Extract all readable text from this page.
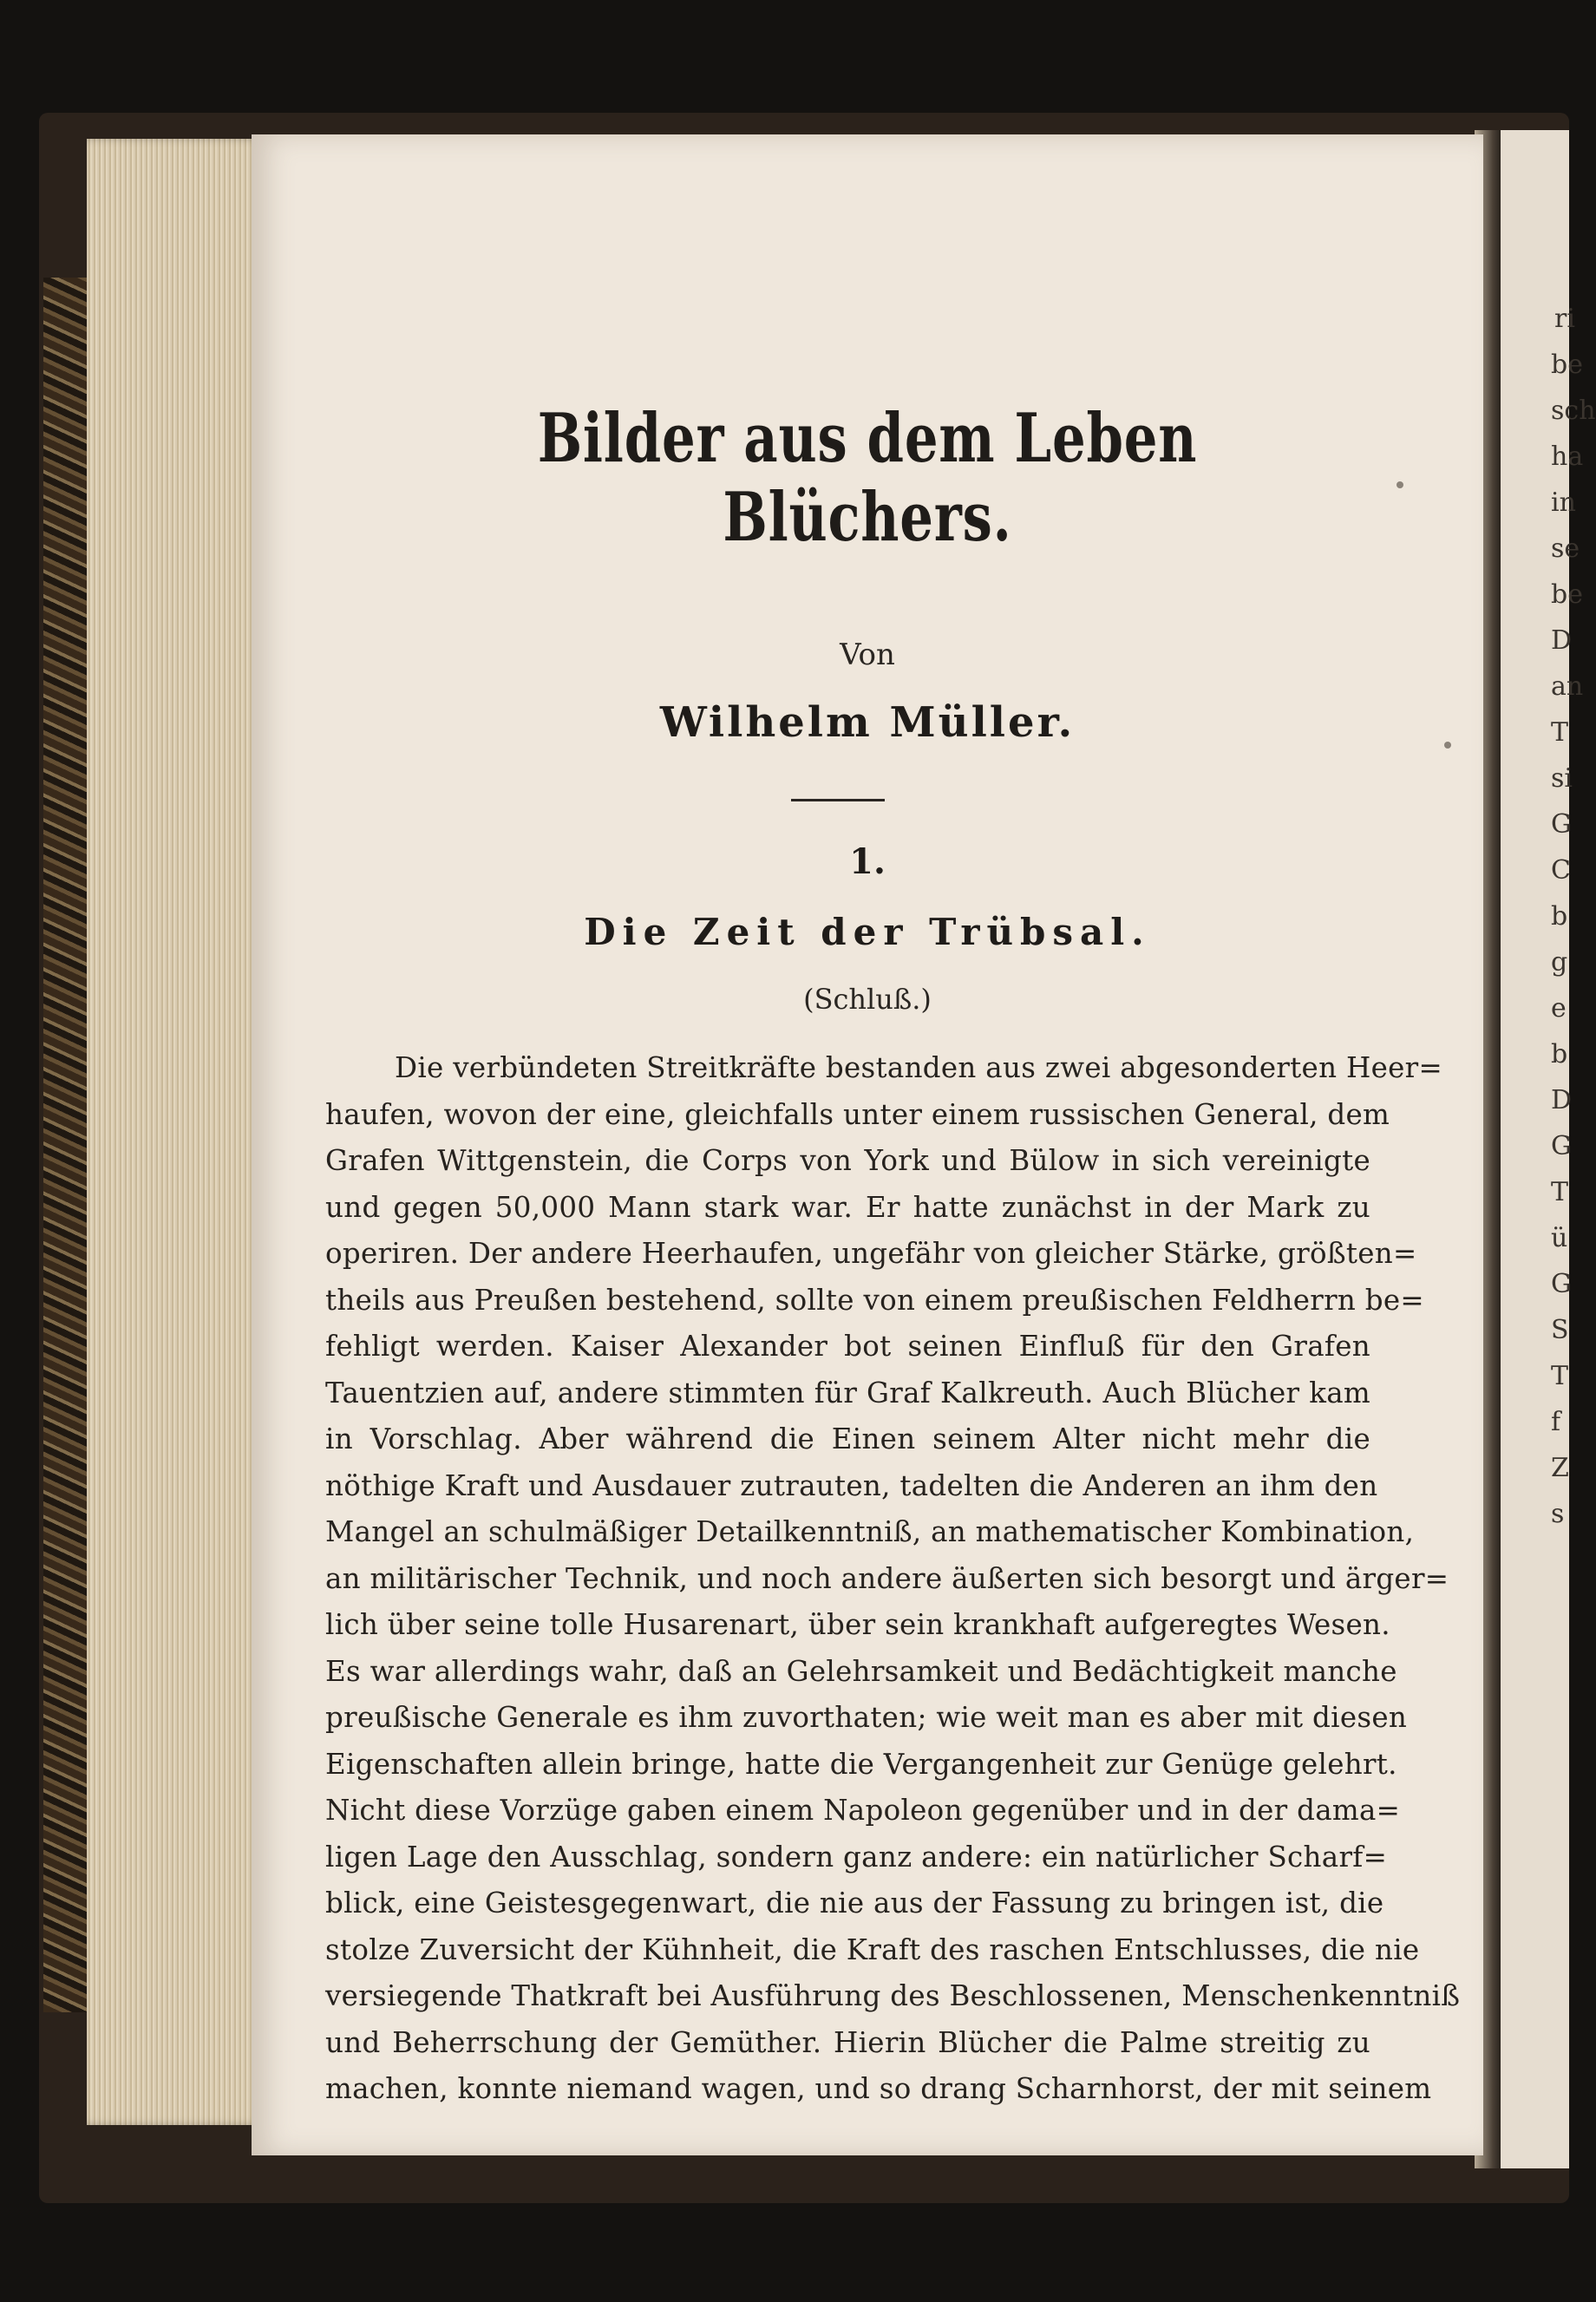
ri
be
sch
ha
in
se
be
D
an
T
si
G
C
b
g
e
b
D
G
T
ü
G
S
T
f
Z
s
Bilder aus dem Leben Blüchers.
Von
Wilhelm Müller.
1.
Die Zeit der Trübsal.
(Schluß.)
Die verbündeten Streitkräfte bestanden aus zwei abgesonderten Heer=
haufen, wovon der eine, gleichfalls unter einem russischen General, dem
Grafen Wittgenstein, die Corps von York und Bülow in sich vereinigte
und gegen 50,000 Mann stark war. Er hatte zunächst in der Mark zu
operiren. Der andere Heerhaufen, ungefähr von gleicher Stärke, größten=
theils aus Preußen bestehend, sollte von einem preußischen Feldherrn be=
fehligt werden. Kaiser Alexander bot seinen Einfluß für den Grafen
Tauentzien auf, andere stimmten für Graf Kalkreuth. Auch Blücher kam
in Vorschlag. Aber während die Einen seinem Alter nicht mehr die
nöthige Kraft und Ausdauer zutrauten, tadelten die Anderen an ihm den
Mangel an schulmäßiger Detailkenntniß, an mathematischer Kombination,
an militärischer Technik, und noch andere äußerten sich besorgt und ärger=
lich über seine tolle Husarenart, über sein krankhaft aufgeregtes Wesen.
Es war allerdings wahr, daß an Gelehrsamkeit und Bedächtigkeit manche
preußische Generale es ihm zuvorthaten; wie weit man es aber mit diesen
Eigenschaften allein bringe, hatte die Vergangenheit zur Genüge gelehrt.
Nicht diese Vorzüge gaben einem Napoleon gegenüber und in der dama=
ligen Lage den Ausschlag, sondern ganz andere: ein natürlicher Scharf=
blick, eine Geistesgegenwart, die nie aus der Fassung zu bringen ist, die
stolze Zuversicht der Kühnheit, die Kraft des raschen Entschlusses, die nie
versiegende Thatkraft bei Ausführung des Beschlossenen, Menschenkenntniß
und Beherrschung der Gemüther. Hierin Blücher die Palme streitig zu
machen, konnte niemand wagen, und so drang Scharnhorst, der mit seinem
